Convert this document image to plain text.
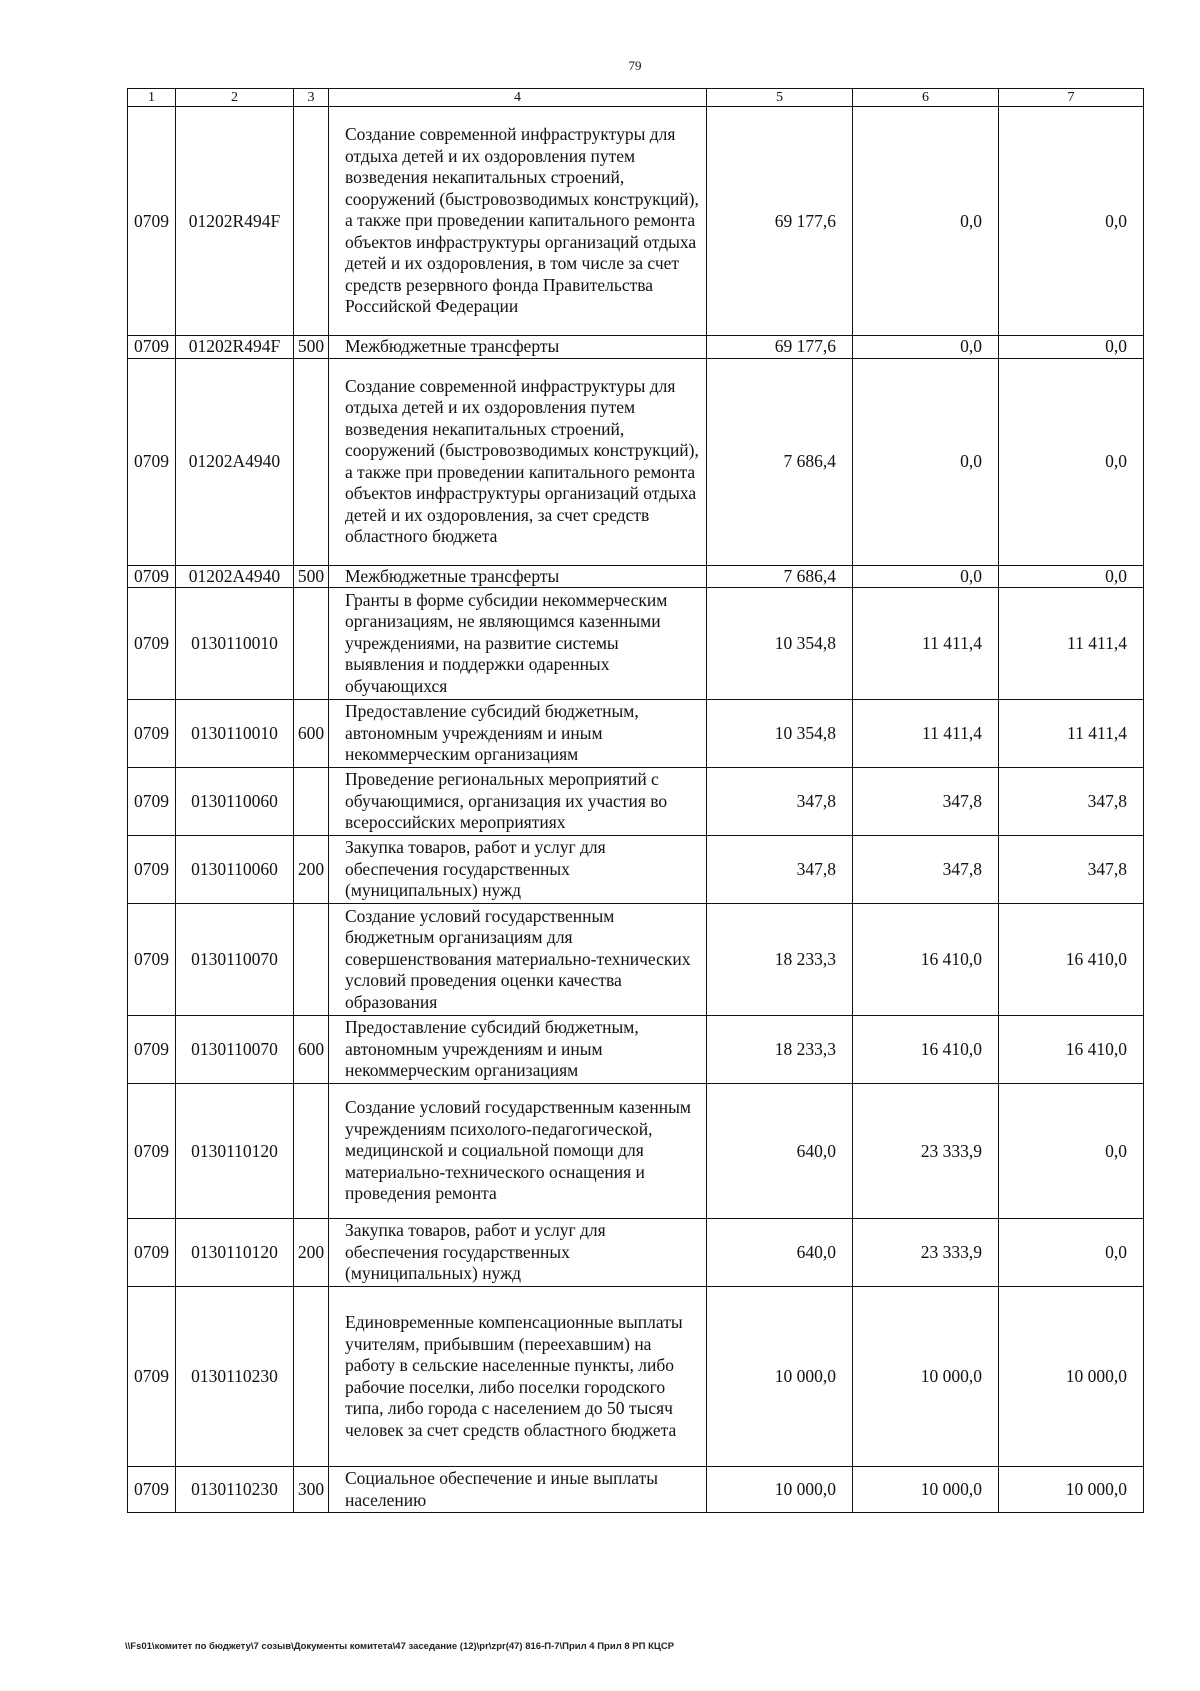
79
1	2	3	4	5	6	7
0709	01202R494F		Создание современной инфраструктуры для отдыха детей и их оздоровления путем возведения некапитальных строений, сооружений (быстровозводимых конструкций), а также при проведении капитального ремонта объектов инфраструктуры организаций отдыха детей и их оздоровления, в том числе за счет средств резервного фонда Правительства Российской Федерации	69 177,6	0,0	0,0
0709	01202R494F	500	Межбюджетные трансферты	69 177,6	0,0	0,0
0709	01202A4940		Создание современной инфраструктуры для отдыха детей и их оздоровления путем возведения некапитальных строений, сооружений (быстровозводимых конструкций), а также при проведении капитального ремонта объектов инфраструктуры организаций отдыха детей и их оздоровления, за счет средств областного бюджета	7 686,4	0,0	0,0
0709	01202A4940	500	Межбюджетные трансферты	7 686,4	0,0	0,0
0709	0130110010		Гранты в форме субсидии некоммерческим организациям, не являющимся казенными учреждениями, на развитие системы выявления и поддержки одаренных обучающихся	10 354,8	11 411,4	11 411,4
0709	0130110010	600	Предоставление субсидий бюджетным, автономным учреждениям и иным некоммерческим организациям	10 354,8	11 411,4	11 411,4
0709	0130110060		Проведение региональных мероприятий с обучающимися, организация их участия во всероссийских мероприятиях	347,8	347,8	347,8
0709	0130110060	200	Закупка товаров, работ и услуг для обеспечения государственных (муниципальных) нужд	347,8	347,8	347,8
0709	0130110070		Создание условий государственным бюджетным организациям для совершенствования материально-технических условий проведения оценки качества образования	18 233,3	16 410,0	16 410,0
0709	0130110070	600	Предоставление субсидий бюджетным, автономным учреждениям и иным некоммерческим организациям	18 233,3	16 410,0	16 410,0
0709	0130110120		Создание условий государственным казенным учреждениям психолого-педагогической, медицинской и социальной помощи для материально-технического оснащения и проведения ремонта	640,0	23 333,9	0,0
0709	0130110120	200	Закупка товаров, работ и услуг для обеспечения государственных (муниципальных) нужд	640,0	23 333,9	0,0
0709	0130110230		Единовременные компенсационные выплаты учителям, прибывшим (переехавшим) на работу в сельские населенные пункты, либо рабочие поселки, либо поселки городского типа, либо города с населением до 50 тысяч человек за счет средств областного бюджета	10 000,0	10 000,0	10 000,0
0709	0130110230	300	Социальное обеспечение и иные выплаты населению	10 000,0	10 000,0	10 000,0
\\Fs01\комитет по бюджету\7 созыв\Документы комитета\47 заседание (12)\pr\zpr(47) 816-П-7\Прил 4 Прил 8 РП КЦСР
